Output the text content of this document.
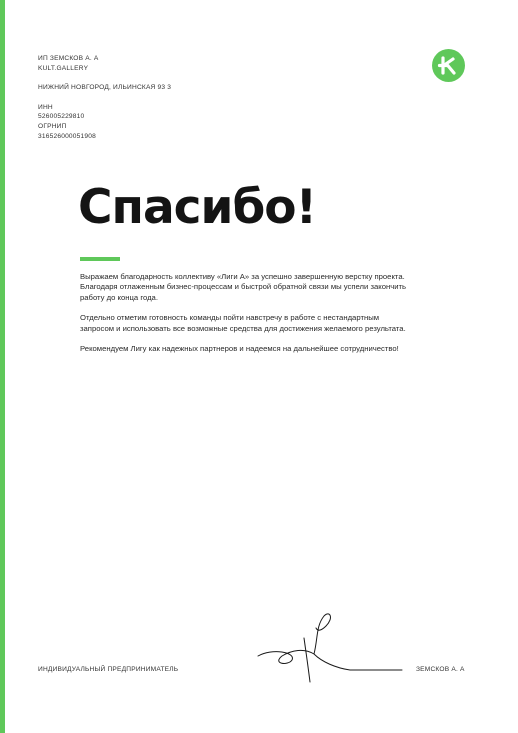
ИП ЗЕМСКОВ А. А
KULT.GALLERY
НИЖНИЙ НОВГОРОД, ИЛЬИНСКАЯ 93 3
ИНН
526005229810
ОГРНИП
316526000051908
Спасибо!

Выражаем благодарность коллективу «Лиги А» за успешно завершенную верстку проекта. Благодаря отлаженным бизнес-процессам и быстрой обратной связи мы успели закончить работу до конца года.

Отдельно отметим готовность команды пойти навстречу в работе с нестандартным запросом и использовать все возможные средства для достижения желаемого результата.

Рекомендуем Лигу как надежных партнеров и надеемся на дальнейшее сотрудничество!

ИНДИВИДУАЛЬНЫЙ ПРЕДПРИНИМАТЕЛЬ	ЗЕМСКОВ А. А
